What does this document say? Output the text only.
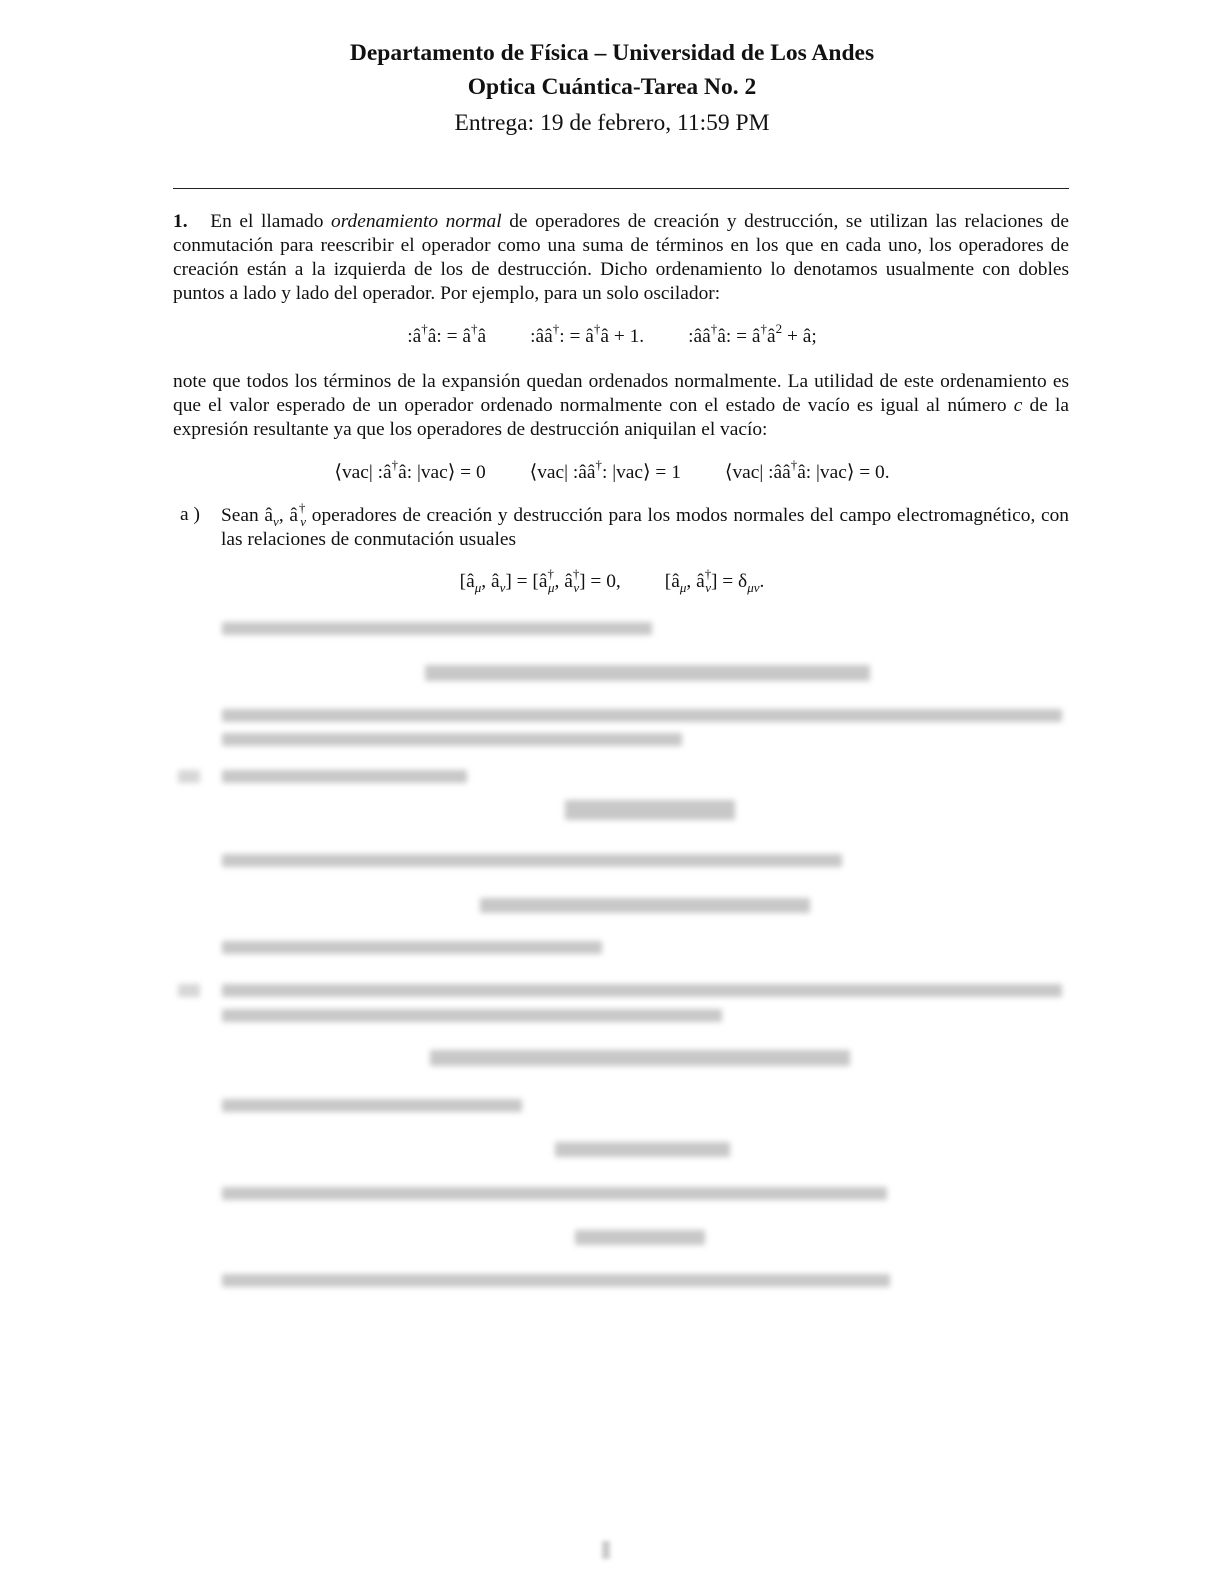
Departamento de Física – Universidad de Los Andes
Optica Cuántica-Tarea No. 2
Entrega: 19 de febrero, 11:59 PM
1. En el llamado ordenamiento normal de operadores de creación y destrucción, se utilizan las relaciones de conmutación para reescribir el operador como una suma de términos en los que en cada uno, los operadores de creación están a la izquierda de los de destrucción. Dicho ordenamiento lo denotamos usualmente con dobles puntos a lado y lado del operador. Por ejemplo, para un solo oscilador:
:â†â: = â†â :ââ†: = â†â + 1. :ââ†â: = $â^\dagger â^2$ + â;
note que todos los términos de la expansión quedan ordenados normalmente. La utilidad de este ordenamiento es que el valor esperado de un operador ordenado normalmente con el estado de vacío es igual al número c de la expresión resultante ya que los operadores de destrucción aniquilan el vacío:
⟨vac| :â†â: |vac⟩ = 0 ⟨vac| :ââ†: |vac⟩ = 1 ⟨vac| :ââ†â: |vac⟩ = 0.
a ) Sean $â_\nu$, $â^\dagger_\nu$ operadores de creación y destrucción para los modos normales del campo electromagnético, con las relaciones de conmutación usuales
[$â_\mu$, $â_\nu$] = [$â^\dagger_\mu$, $â^\dagger_\nu] = 0$, [$â_\mu$, $â^\dagger_\nu] = \delta_{\mu\nu}$.
